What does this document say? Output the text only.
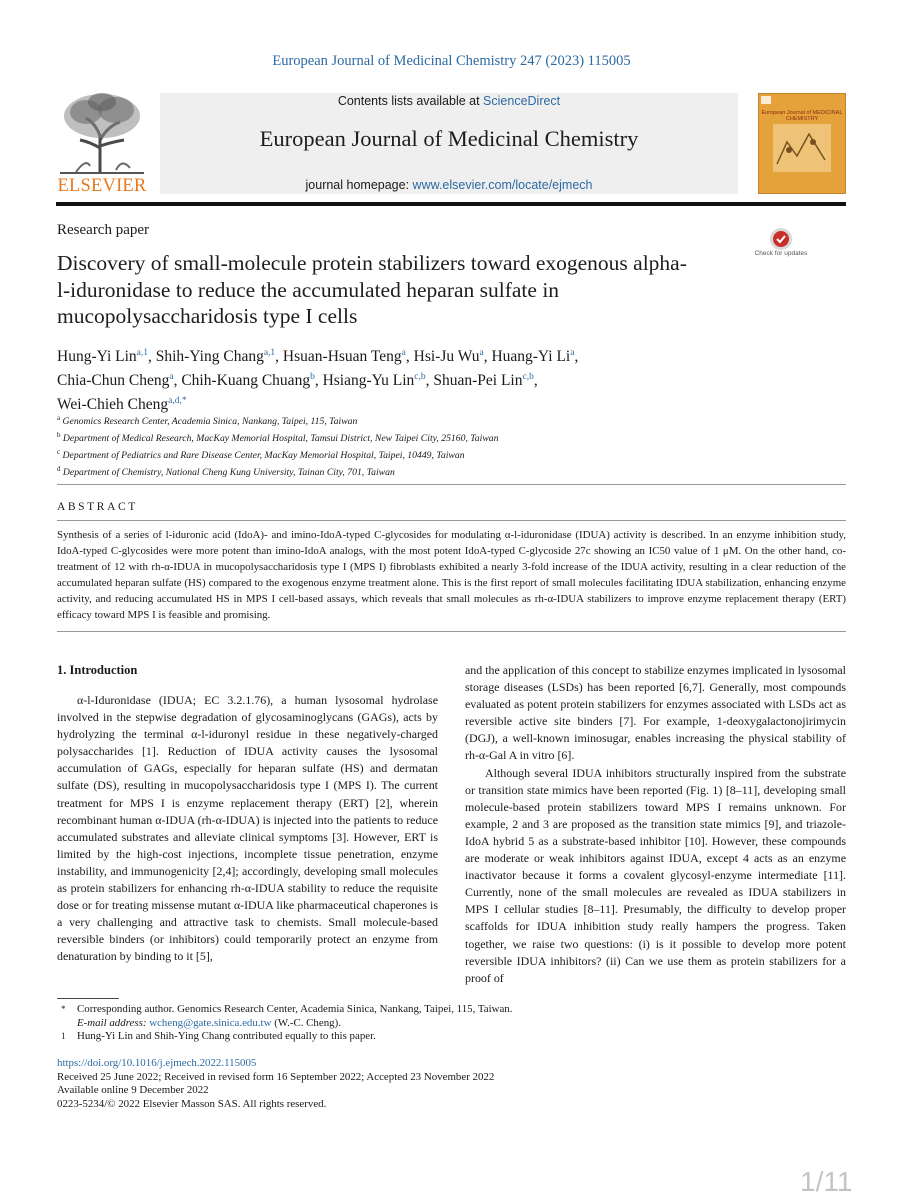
European Journal of Medicinal Chemistry 247 (2023) 115005
ELSEVIER
Contents lists available at ScienceDirect
European Journal of Medicinal Chemistry
journal homepage: www.elsevier.com/locate/ejmech
European Journal of MEDICINAL CHEMISTRY
Research paper
Check for updates
Discovery of small-molecule protein stabilizers toward exogenous alpha-l-iduronidase to reduce the accumulated heparan sulfate in mucopolysaccharidosis type I cells
Hung-Yi Lin$^{a,1}$, Shih-Ying Chang$^{a,1}$, Hsuan-Hsuan Teng$^a$, Hsi-Ju Wu$^a$, Huang-Yi Li$^a$,
Chia-Chun Cheng$^a$, Chih-Kuang Chuang$^b$, Hsiang-Yu Lin$^{c,b}$, Shuan-Pei Lin$^{c,b}$,
Wei-Chieh Cheng$^{a,d,*}$
$^a$ Genomics Research Center, Academia Sinica, Nankang, Taipei, 115, Taiwan
$^b$ Department of Medical Research, MacKay Memorial Hospital, Tamsui District, New Taipei City, 25160, Taiwan
$^c$ Department of Pediatrics and Rare Disease Center, MacKay Memorial Hospital, Taipei, 10449, Taiwan
$^d$ Department of Chemistry, National Cheng Kung University, Tainan City, 701, Taiwan
ABSTRACT
Synthesis of a series of l-iduronic acid (IdoA)- and imino-IdoA-typed C-glycosides for modulating α-l-iduronidase (IDUA) activity is described. In an enzyme inhibition study, IdoA-typed C-glycosides were more potent than imino-IdoA analogs, with the most potent IdoA-typed C-glycoside 27c showing an IC50 value of 1 μM. On the other hand, co-treatment of 12 with rh-α-IDUA in mucopolysaccharidosis type I (MPS I) fibroblasts exhibited a nearly 3-fold increase of the IDUA activity, resulting in a clear reduction of the accumulated heparan sulfate (HS) compared to the exogenous enzyme treatment alone. This is the first report of small molecules facilitating IDUA stabilization, enhancing enzyme activity, and reducing accumulated HS in MPS I cell-based assays, which reveals that small molecules as rh-α-IDUA stabilizers to improve enzyme replacement therapy (ERT) efficacy toward MPS I is feasible and promising.
1. Introduction

α-l-Iduronidase (IDUA; EC 3.2.1.76), a human lysosomal hydrolase involved in the stepwise degradation of glycosaminoglycans (GAGs), acts by hydrolyzing the terminal α-l-iduronyl residue in these negatively-charged polysaccharides [1]. Reduction of IDUA activity causes the lysosomal accumulation of GAGs, especially for heparan sulfate (HS) and dermatan sulfate (DS), resulting in mucopolysaccharidosis type I (MPS I). The current treatment for MPS I is enzyme replacement therapy (ERT) [2], wherein recombinant human α-IDUA (rh-α-IDUA) is injected into the patients to reduce accumulated substrates and alleviate clinical symptoms [3]. However, ERT is limited by the high-cost injections, incomplete tissue penetration, enzyme instability, and immunogenicity [2,4]; accordingly, developing small molecules as protein stabilizers for enhancing rh-α-IDUA stability to reduce the requisite dose or for treating missense mutant α-IDUA like pharmaceutical chaperones is a very challenging and attractive task to chemists. Small molecule-based reversible binders (or inhibitors) could temporarily protect an enzyme from denaturation by binding to it [5],

and the application of this concept to stabilize enzymes implicated in lysosomal storage diseases (LSDs) has been reported [6,7]. Generally, most compounds evaluated as potent protein stabilizers for enzymes associated with LSDs act as reversible active site binders [7]. For example, 1-deoxygalactonojirimycin (DGJ), a well-known iminosugar, enables increasing the physical stability of rh-α-Gal A in vitro [6].

Although several IDUA inhibitors structurally inspired from the substrate or transition state mimics have been reported (Fig. 1) [8–11], developing small molecule-based protein stabilizers toward MPS I remains unknown. For example, 2 and 3 are proposed as the transition state mimics [9], and triazole-IdoA hybrid 5 as a substrate-based inhibitor [10]. However, these compounds are moderate or weak inhibitors against IDUA, except 4 acts as an enzyme inactivator because it forms a covalent glycosyl-enzyme intermediate [11]. Currently, none of the small molecules are revealed as IDUA stabilizers in MPS I cellular studies [8–11]. Presumably, the difficulty to develop proper scaffolds for IDUA inhibition study really hampers the progress. Taken together, we raise two questions: (i) is it possible to develop more potent reversible IDUA inhibitors? (ii) Can we use them as protein stabilizers for a proof of

* Corresponding author. Genomics Research Center, Academia Sinica, Nankang, Taipei, 115, Taiwan.
E-mail address: wcheng@gate.sinica.edu.tw (W.-C. Cheng).
1 Hung-Yi Lin and Shih-Ying Chang contributed equally to this paper.
https://doi.org/10.1016/j.ejmech.2022.115005
Received 25 June 2022; Received in revised form 16 September 2022; Accepted 23 November 2022
Available online 9 December 2022
0223-5234/© 2022 Elsevier Masson SAS. All rights reserved.
1/11
